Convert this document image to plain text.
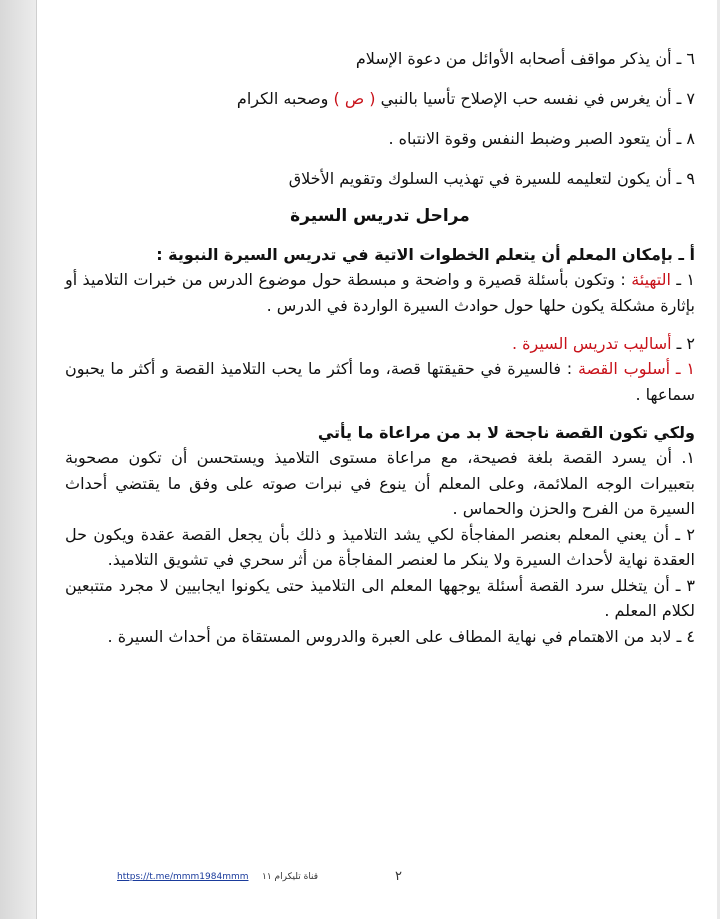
٦ ـ أن يذكر مواقف أصحابه الأوائل من دعوة الإسلام

٧ ـ أن يغرس في نفسه حب الإصلاح تأسيا بالنبي ( ص ) وصحبه الكرام

٨ ـ أن يتعود الصبر وضبط النفس وقوة الانتباه .

٩ ـ أن يكون لتعليمه للسيرة في تهذيب السلوك وتقويم الأخلاق

مراحل تدريس السيرة

أ ـ بإمكان المعلم أن يتعلم الخطوات الاتية في تدريس السيرة النبوية :

١ ـ التهيئة : وتكون بأسئلة قصيرة و واضحة و مبسطة حول موضوع الدرس من خبرات التلاميذ أو بإثارة مشكلة يكون حلها حول حوادث السيرة الواردة في الدرس .

٢ ـ أساليب تدريس السيرة .

١ ـ أسلوب القصة : فالسيرة في حقيقتها قصة، وما أكثر ما يحب التلاميذ القصة و أكثر ما يحبون سماعها .

ولكي تكون القصة ناجحة لا بد من مراعاة ما يأتي

١. أن يسرد القصة بلغة فصيحة، مع مراعاة مستوى التلاميذ ويستحسن أن تكون مصحوبة بتعبيرات الوجه الملائمة، وعلى المعلم أن ينوع في نبرات صوته على وفق ما يقتضي أحداث السيرة من الفرح والحزن والحماس .

٢ ـ أن يعني المعلم بعنصر المفاجأة لكي يشد التلاميذ و ذلك بأن يجعل القصة عقدة ويكون حل العقدة نهاية لأحداث السيرة ولا ينكر ما لعنصر المفاجأة من أثر سحري في تشويق التلاميذ.

٣ ـ أن يتخلل سرد القصة أسئلة يوجهها المعلم الى التلاميذ حتى يكونوا ايجابيين لا مجرد متتبعين لكلام المعلم .

٤ ـ لابد من الاهتمام في نهاية المطاف على العبرة والدروس المستقاة من أحداث السيرة .

https://t.me/mmm1984mmm قناة تليكرام ١١	٢
